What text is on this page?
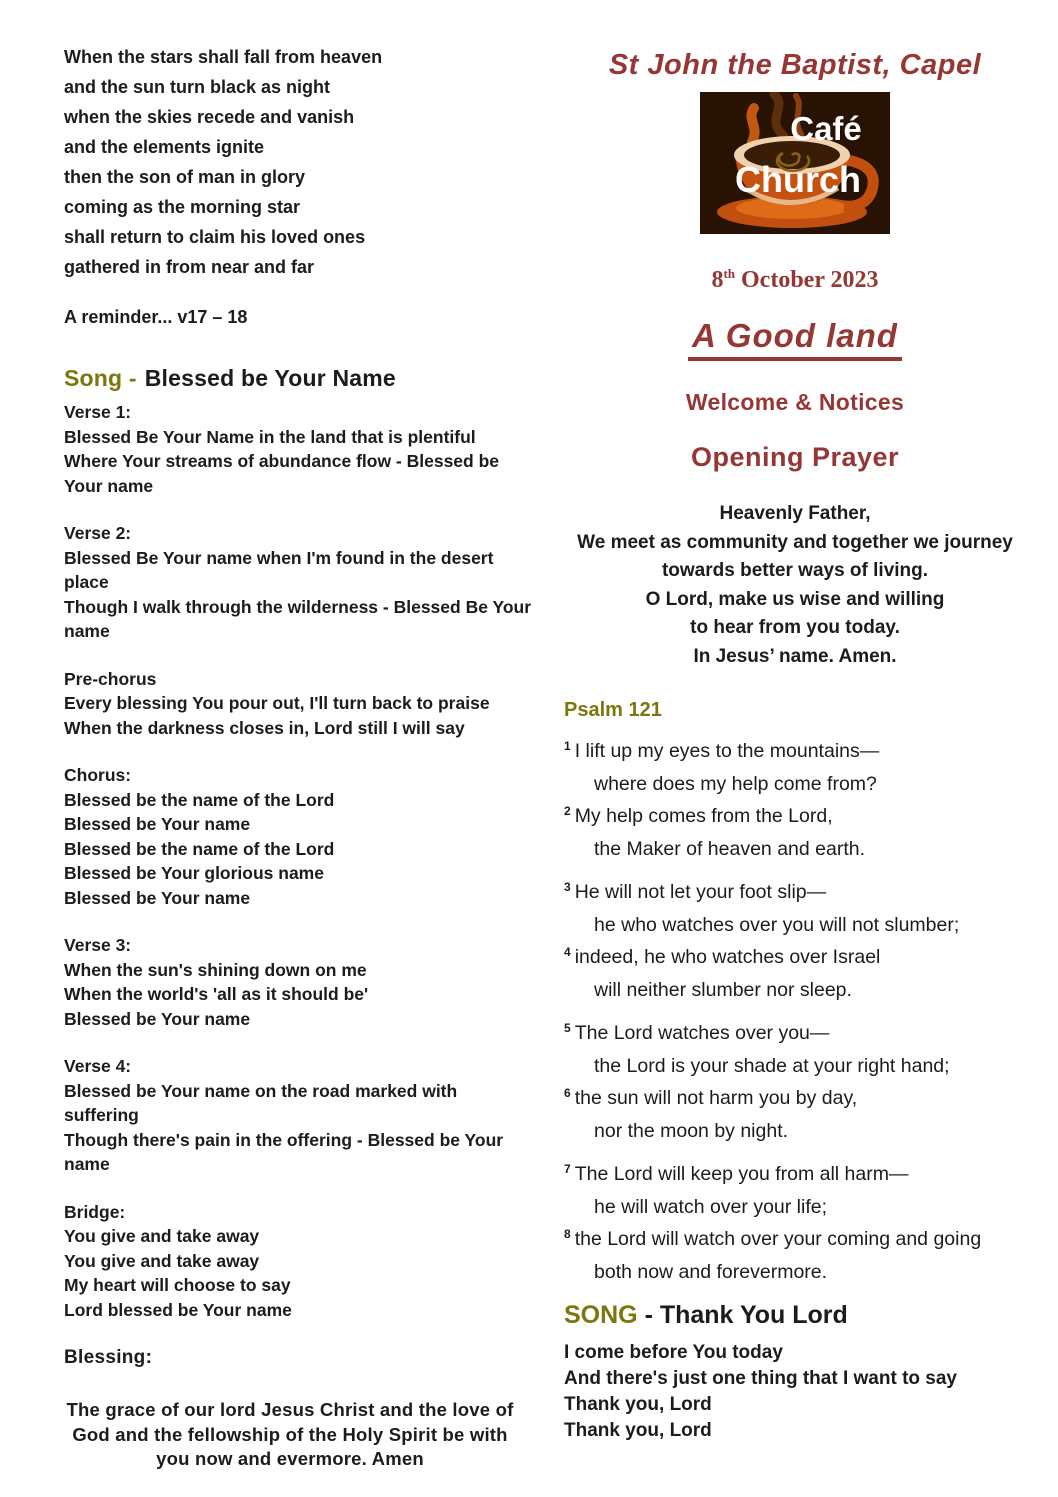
When the stars shall fall from heaven
and the sun turn black as night
when the skies recede and vanish
and the elements ignite
then the son of man in glory
coming as the morning star
shall return to claim his loved ones
gathered in from near and far
A reminder... v17 – 18
Song - Blessed be Your Name
Verse 1:
Blessed Be Your Name in the land that is plentiful
Where Your streams of abundance flow - Blessed be
Your name
Verse 2:
Blessed Be Your name when I'm found in the desert
place
Though I walk through the wilderness - Blessed Be Your
name
Pre-chorus
Every blessing You pour out, I'll turn back to praise
When the darkness closes in, Lord still I will say
Chorus:
Blessed be the name of the Lord
Blessed be Your name
Blessed be the name of the Lord
Blessed be Your glorious name
Blessed be Your name
Verse 3:
When the sun's shining down on me
When the world's 'all as it should be'
Blessed be Your name
Verse 4:
Blessed be Your name on the road marked with
suffering
Though there's pain in the offering - Blessed be Your
name
Bridge:
You give and take away
You give and take away
My heart will choose to say
Lord blessed be Your name
Blessing:
The grace of our lord Jesus Christ and the love of
God and the fellowship of the Holy Spirit be with
you now and evermore. Amen
St John the Baptist, Capel
Café
Church
8th October 2023
A Good land
Welcome & Notices
Opening Prayer
Heavenly Father,
We meet as community and together we journey
towards better ways of living.
O Lord, make us wise and willing
to hear from you today.
In Jesus’ name. Amen.
Psalm 121
$^1$ I lift up my eyes to the mountains—
where does my help come from?
$^2$ My help comes from the Lord,
the Maker of heaven and earth.
$^3$ He will not let your foot slip—
he who watches over you will not slumber;
$^4$ indeed, he who watches over Israel
will neither slumber nor sleep.
$^5$ The Lord watches over you—
the Lord is your shade at your right hand;
$^6$ the sun will not harm you by day,
nor the moon by night.
$^7$ The Lord will keep you from all harm—
he will watch over your life;
$^8$ the Lord will watch over your coming and going
both now and forevermore.
SONG - Thank You Lord
I come before You today
And there's just one thing that I want to say
Thank you, Lord
Thank you, Lord
